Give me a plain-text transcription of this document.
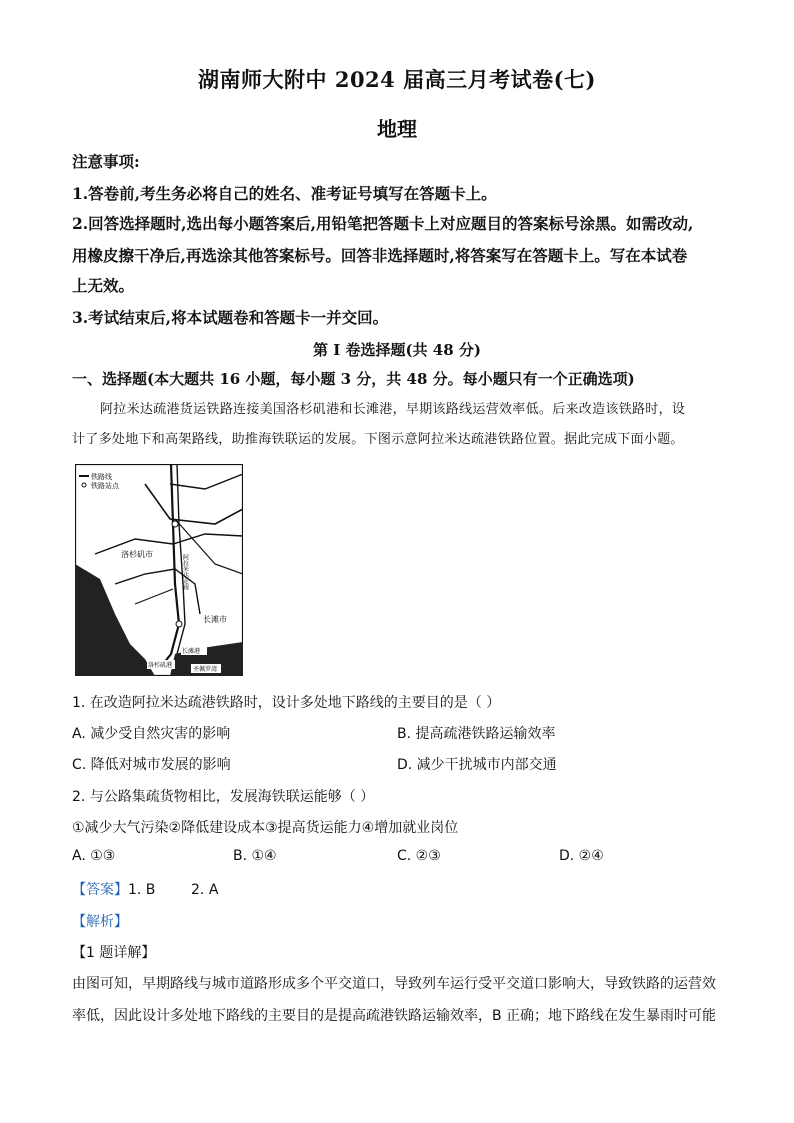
湖南师大附中 2024 届高三月考试卷(七)
地理
注意事项:
1.答卷前,考生务必将自己的姓名、准考证号填写在答题卡上。
2.回答选择题时,选出每小题答案后,用铅笔把答题卡上对应题目的答案标号涂黑。如需改动,
用橡皮擦干净后,再选涂其他答案标号。回答非选择题时,将答案写在答题卡上。写在本试卷
上无效。
3.考试结束后,将本试题卷和答题卡一并交回。
第 I 卷选择题(共 48 分)
一、选择题(本大题共 16 小题，每小题 3 分，共 48 分。每小题只有一个正确选项)
阿拉米达疏港货运铁路连接美国洛杉矶港和长滩港，早期该路线运营效率低。后来改造该铁路时，设
计了多处地下和高架路线，助推海铁联运的发展。下图示意阿拉米达疏港铁路位置。据此完成下面小题。
铁路线
铁路站点
洛杉矶市
长滩市
阿拉米达走廊
洛杉矶港
长滩港
圣佩罗湾
1. 在改造阿拉米达疏港铁路时，设计多处地下路线的主要目的是（ ）
A. 减少受自然灾害的影响	B. 提高疏港铁路运输效率
C. 降低对城市发展的影响	D. 减少干扰城市内部交通
2. 与公路集疏货物相比，发展海铁联运能够（ ）
①减少大气污染②降低建设成本③提高货运能力④增加就业岗位
A. ①③	B. ①④	C. ②③	D. ②④
【答案】1. B        2. A
【解析】
【1 题详解】
由图可知，早期路线与城市道路形成多个平交道口，导致列车运行受平交道口影响大，导致铁路的运营效
率低，因此设计多处地下路线的主要目的是提高疏港铁路运输效率，B 正确；地下路线在发生暴雨时可能
